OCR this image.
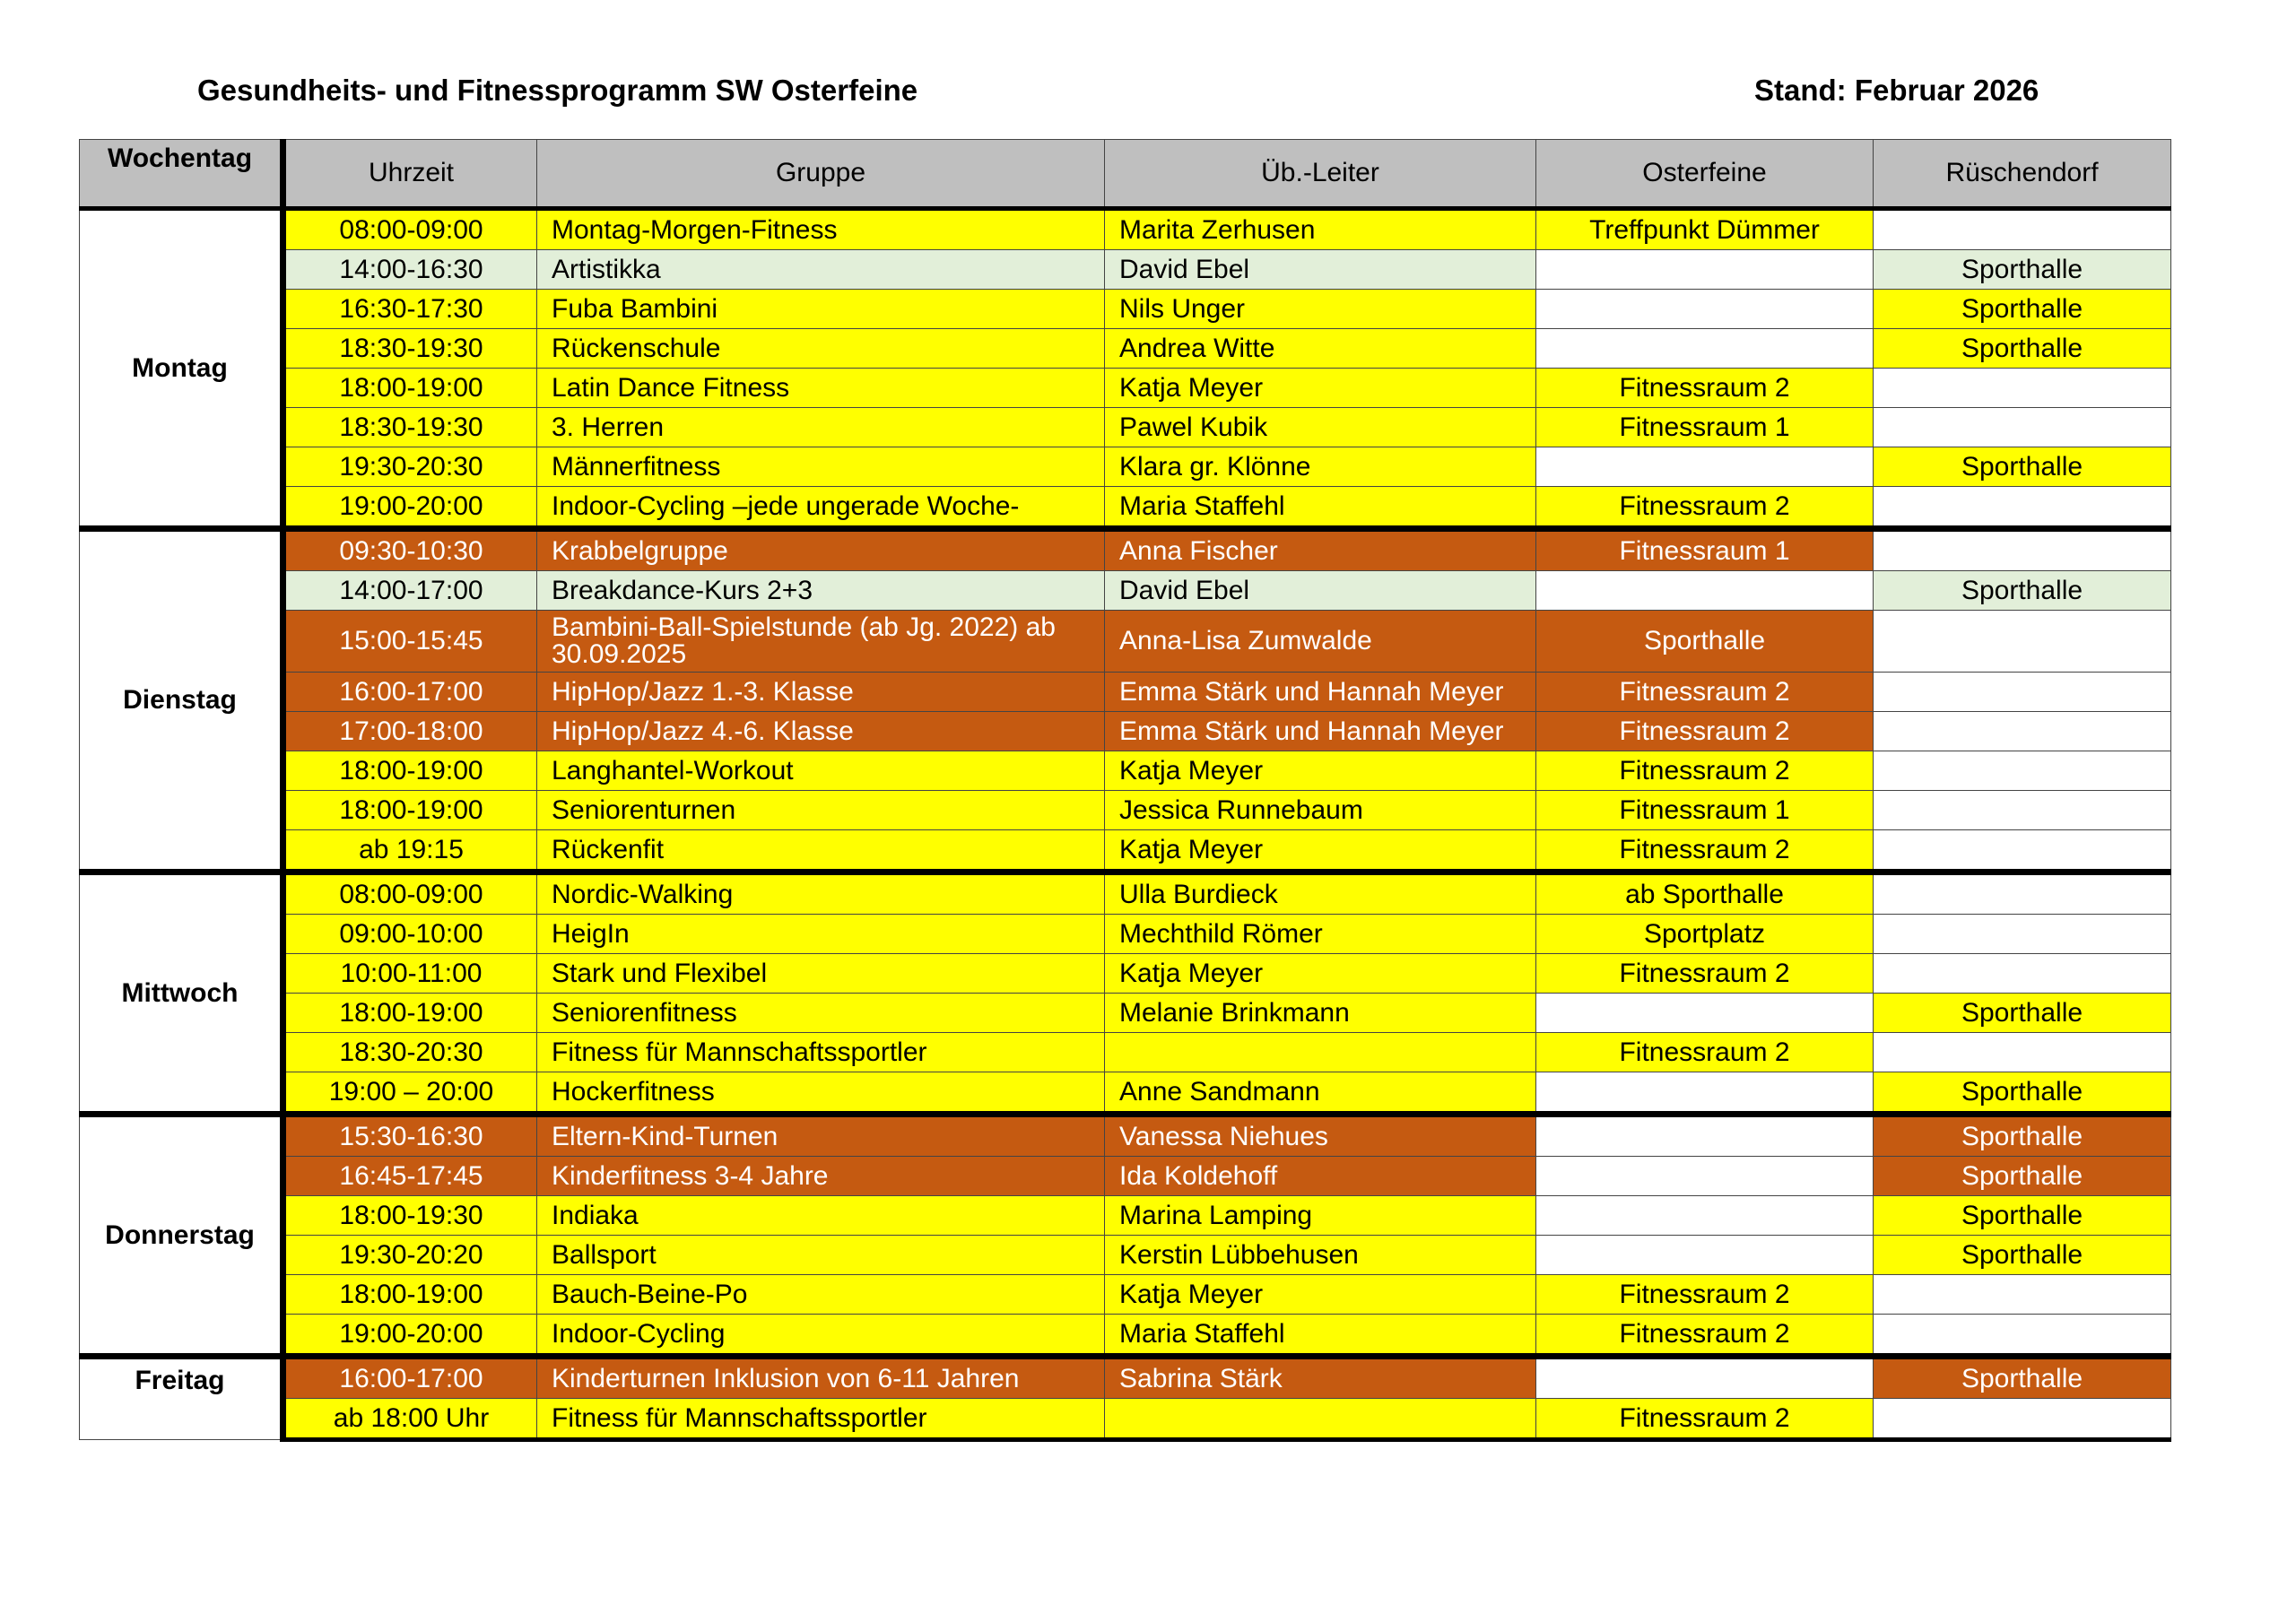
Gesundheits- und Fitnessprogramm SW Osterfeine	Stand: Februar 2026
Wochentag	Uhrzeit	Gruppe	Üb.-Leiter	Osterfeine	Rüschendorf
Montag	08:00-09:00	Montag-Morgen-Fitness	Marita Zerhusen	Treffpunkt Dümmer	
	14:00-16:30	Artistikka	David Ebel		Sporthalle
	16:30-17:30	Fuba Bambini	Nils Unger		Sporthalle
	18:30-19:30	Rückenschule	Andrea Witte		Sporthalle
	18:00-19:00	Latin Dance Fitness	Katja Meyer	Fitnessraum 2	
	18:30-19:30	3. Herren	Pawel Kubik	Fitnessraum 1	
	19:30-20:30	Männerfitness	Klara gr. Klönne		Sporthalle
	19:00-20:00	Indoor-Cycling –jede ungerade Woche-	Maria Staffehl	Fitnessraum 2	
Dienstag	09:30-10:30	Krabbelgruppe	Anna Fischer	Fitnessraum 1	
	14:00-17:00	Breakdance-Kurs 2+3	David Ebel		Sporthalle
	15:00-15:45	Bambini-Ball-Spielstunde (ab Jg. 2022) ab 30.09.2025	Anna-Lisa Zumwalde	Sporthalle	
	16:00-17:00	HipHop/Jazz 1.-3. Klasse	Emma Stärk und Hannah Meyer	Fitnessraum 2	
	17:00-18:00	HipHop/Jazz 4.-6. Klasse	Emma Stärk und Hannah Meyer	Fitnessraum 2	
	18:00-19:00	Langhantel-Workout	Katja Meyer	Fitnessraum 2	
	18:00-19:00	Seniorenturnen	Jessica Runnebaum	Fitnessraum 1	
	ab 19:15	Rückenfit	Katja Meyer	Fitnessraum 2	
Mittwoch	08:00-09:00	Nordic-Walking	Ulla Burdieck	ab Sporthalle	
	09:00-10:00	HeigIn	Mechthild Römer	Sportplatz	
	10:00-11:00	Stark und Flexibel	Katja Meyer	Fitnessraum 2	
	18:00-19:00	Seniorenfitness	Melanie Brinkmann		Sporthalle
	18:30-20:30	Fitness für Mannschaftssportler		Fitnessraum 2	
	19:00 – 20:00	Hockerfitness	Anne Sandmann		Sporthalle
Donnerstag	15:30-16:30	Eltern-Kind-Turnen	Vanessa Niehues		Sporthalle
	16:45-17:45	Kinderfitness 3-4 Jahre	Ida Koldehoff		Sporthalle
	18:00-19:30	Indiaka	Marina Lamping		Sporthalle
	19:30-20:20	Ballsport	Kerstin Lübbehusen		Sporthalle
	18:00-19:00	Bauch-Beine-Po	Katja Meyer	Fitnessraum 2	
	19:00-20:00	Indoor-Cycling	Maria Staffehl	Fitnessraum 2	
Freitag	16:00-17:00	Kinderturnen Inklusion von 6-11 Jahren	Sabrina Stärk		Sporthalle
	ab 18:00 Uhr	Fitness für Mannschaftssportler		Fitnessraum 2	
